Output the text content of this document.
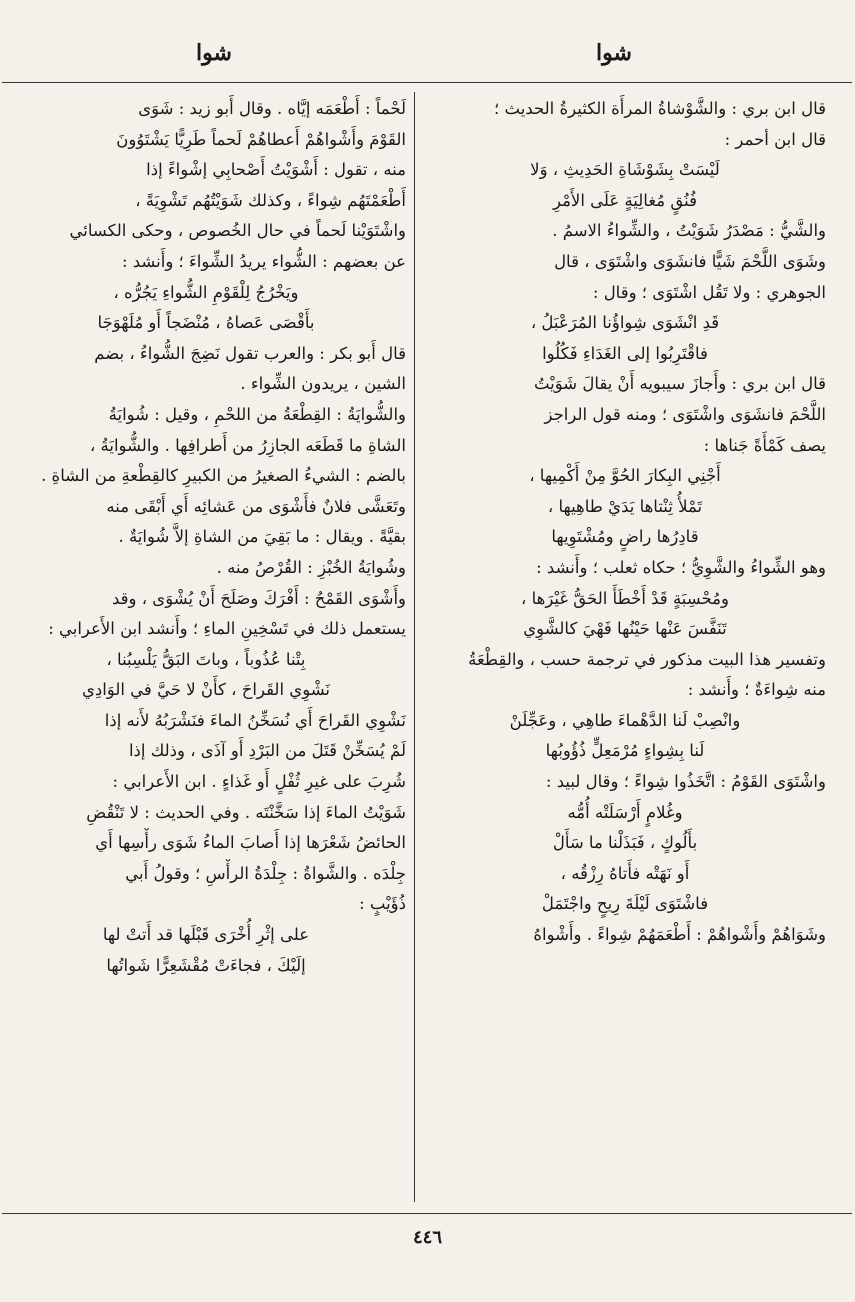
شوا
شوا
قال ابن بري : والشَّوْشاةُ المرأَة الكثيرةُ الحديث ؛
قال ابن أحمر :
لَيْسَتْ بِشَوْشَاةِ الحَدِيثِ ، وَلا
فُنُقٍ مُغالِيَةٍ عَلَى الأَمْرِ
والشَّيُّ : مَصْدَرُ شَوَيْتُ ، والشِّواءُ الاسمُ .
وشَوَى اللَّحْمَ شَيًّا فانشَوَى واشْتَوَى ، قال
الجوهري : ولا تَقُل اشْتَوَى ؛ وقال :
قَدِ انْشَوَى شِواؤُنا المُرَعْبَلُ ،
فاقْتَرِبُوا إلى الغَدَاءِ فَكُلُوا
قال ابن بري : وأَجازَ سيبويه أَنْ يقالَ شَوَيْتُ
اللَّحْمَ فانشَوَى واشْتَوَى ؛ ومنه قول الراجز
يصف كَمْأَةً جَناها :
أَجْنِي البِكارَ الحُوَّ مِنْ أَكْمِيها ،
تَمْلأُ ثِنْتاها يَدَيْ طاهِيها ،
قادِرُها راضٍ ومُشْتَوِيها
وهو الشِّواءُ والشَّوِيُّ ؛ حكاه ثعلب ؛ وأَنشد :
ومُحْسِبَةٍ قَدْ أَخْطَأَ الحَقُّ غَيْرَها ،
تَنَفَّسَ عَنْها حَيْنُها فَهْيَ كالشَّوِي
وتفسير هذا البيت مذكور في ترجمة حسب ، والقِطْعَةُ
منه شِواءَةٌ ؛ وأَنشد :
وانْصِبْ لَنا الدَّهْماءَ طاهِي ، وعَجِّلَنْ
لَنا بِشِواءٍ مُرْمَعِلٍّ ذُؤُوبُها
واشْتَوَى القَوْمُ : اتَّخَذُوا شِواءً ؛ وقال لبيد :
وغُلامٍ أَرْسَلَتْه أُمُّه
بأَلُوكٍ ، فَبَذَلْنا ما سَأَلْ
أَو نَهَتْه فأَتاهُ رِزْقُه ،
فاشْتَوَى لَيْلَةَ رِيحٍ واجْتَمَلْ
وشَوَاهُمْ وأَشْواهُمْ : أَطْعَمَهُمْ شِواءً . وأَشْواهُ
لَحْماً : أَطْعَمَه إيَّاه . وقال أَبو زيد : شَوَى
القَوْمَ وأَشْواهُمْ أَعطاهُمْ لَحماً طَرِيًّا يَشْتَوُونَ
منه ، تقول : أَشْوَيْتُ أَصْحابِي إشْواءً إذا
أَطْعَمْتَهُم شِواءً ، وكذلك شَوَيْتُهُم تَشْوِيَةً ،
واشْتَوَيْنا لَحماً في حال الخُصوص ، وحكى الكسائي
عن بعضهم : الشُّواء يريدُ الشِّواءَ ؛ وأَنشد :
ويَخْرُجُ لِلْقَوْمِ الشُّواءِ يَجُرُّه ،
بأَقْصَى عَصاهُ ، مُنْضَجاً أَو مُلَهْوَجَا
قال أَبو بكر : والعرب تقول نَضِجَ الشُّواءُ ، بضم
الشين ، يريدون الشِّواء .
والشُّوايَةُ : القِطْعَةُ من اللحْمِ ، وقيل : شُوايَةُ
الشاةِ ما قَطَعَه الجازِرُ من أَطرافِها . والشُّوايَةُ ،
بالضم : الشيءُ الصغيرُ من الكبيرِ كالقِطْعةِ من الشاةِ .
وتَعَشَّى فلانٌ فأَشْوَى من عَشائِه أَي أَبْقَى منه
بقيَّةً . ويقال : ما بَقِيَ من الشاةِ إلاَّ شُوايَةٌ .
وشُوايَةُ الخُبْزِ : القُرْصُ منه .
وأَشْوَى القَمْحُ : أَفْرَكَ وصَلَحَ أَنْ يُشْوَى ، وقد
يستعمل ذلك في تَسْخِينِ الماءِ ؛ وأَنشد ابن الأَعرابي :
بِتْنا عُذُوباً ، وباتَ البَقُّ يَلْسِبُنا ،
نَشْوِي القَراحَ ، كأَنْ لا حَيَّ في الوَادِي
نَشْوِي القَراحَ أَي نُسَخِّنُ الماءَ فنَشْرَبُهُ لأَنه إذا
لَمْ يُسَخِّنْ قَتَلَ من البَرْدِ أَو آذَى ، وذلك إذا
شُرِبَ على غيرِ ثُفْلٍ أَو غَذاءٍ . ابن الأَعرابي :
شَوَيْتُ الماءَ إذا سَخَّنْتَه . وفي الحديث : لا تَنْقُضِ
الحائضُ شَعْرَها إذا أَصابَ الماءُ شَوَى رأْسِها أَي
جِلْدَه . والشَّواةُ : جِلْدَةُ الرأْسِ ؛ وقولُ أَبي
ذُؤَيْبٍ :
على إثْرِ أُخْرَى قَبْلَها قد أَتتْ لها
إلَيْكَ ، فجاءَتْ مُقْشَعِرًّا شَواتُها
٤٤٦
